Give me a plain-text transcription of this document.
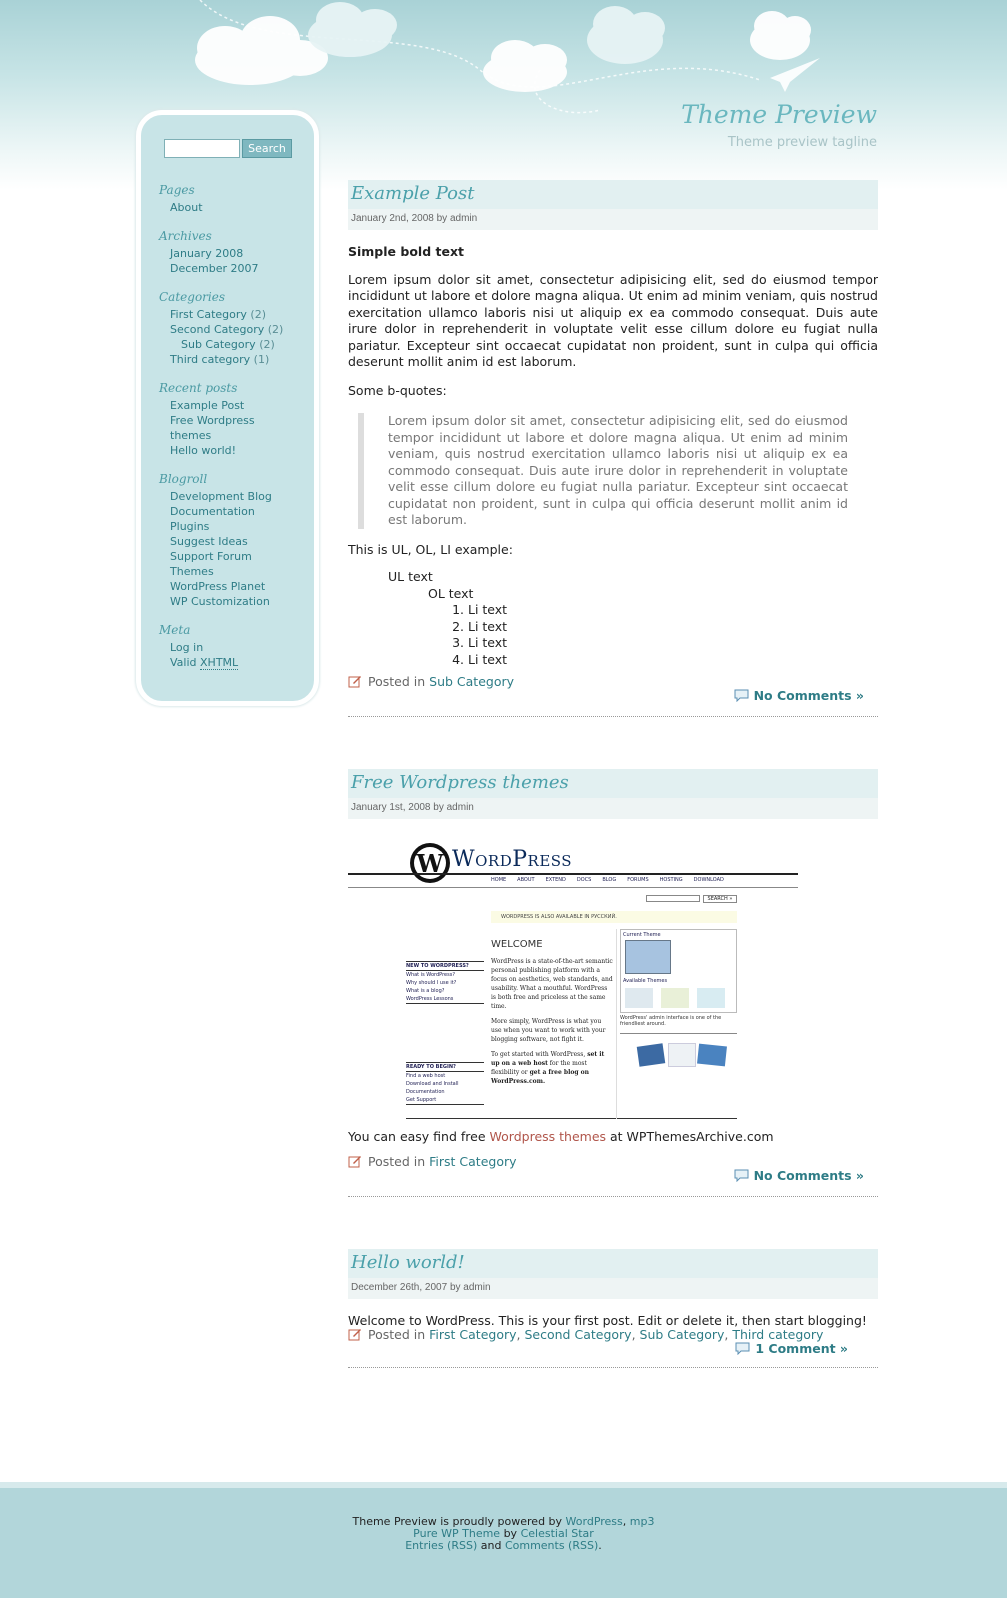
Theme Preview
Theme preview tagline
Search
Pages
About
Archives
January 2008
December 2007
Categories
First Category (2)
Second Category (2)
Sub Category (2)
Third category (1)
Recent posts
Example Post
Free Wordpress themes
Hello world!
Blogroll
Development Blog
Documentation
Plugins
Suggest Ideas
Support Forum
Themes
WordPress Planet
WP Customization
Meta
Log in
Valid XHTML
Example Post
January 2nd, 2008 by admin

Simple bold text

Lorem ipsum dolor sit amet, consectetur adipisicing elit, sed do eiusmod tempor incididunt ut labore et dolore magna aliqua. Ut enim ad minim veniam, quis nostrud exercitation ullamco laboris nisi ut aliquip ex ea commodo consequat. Duis aute irure dolor in reprehenderit in voluptate velit esse cillum dolore eu fugiat nulla pariatur. Excepteur sint occaecat cupidatat non proident, sunt in culpa qui officia deserunt mollit anim id est laborum.

Some b-quotes:

Lorem ipsum dolor sit amet, consectetur adipisicing elit, sed do eiusmod tempor incididunt ut labore et dolore magna aliqua. Ut enim ad minim veniam, quis nostrud exercitation ullamco laboris nisi ut aliquip ex ea commodo consequat. Duis aute irure dolor in reprehenderit in voluptate velit esse cillum dolore eu fugiat nulla pariatur. Excepteur sint occaecat cupidatat non proident, sunt in culpa qui officia deserunt mollit anim id est laborum.

This is UL, OL, LI example:

UL text
OL text
1. Li text
2. Li text
3. Li text
4. Li text
Posted in Sub Category
No Comments »
Free Wordpress themes
January 1st, 2008 by admin
W WordPress
HOME ABOUT EXTEND DOCS BLOG FORUMS HOSTING DOWNLOAD
SEARCH »
WORDPRESS IS ALSO AVAILABLE IN РУССКИЙ.
WELCOME
NEW TO WORDPRESS?
What is WordPress?
Why should I use it?
What is a blog?
WordPress Lessons
READY TO BEGIN?
Find a web host
Download and Install
Documentation
Get Support
WordPress is a state-of-the-art semantic personal publishing platform with a focus on aesthetics, web standards, and usability. What a mouthful. WordPress is both free and priceless at the same time.
More simply, WordPress is what you use when you want to work with your blogging software, not fight it.
To get started with WordPress, set it up on a web host for the most flexibility or get a free blog on WordPress.com.
Current Theme
Available Themes
WordPress' admin interface is one of the friendliest around.
You can easy find free Wordpress themes at WPThemesArchive.com
Posted in First Category
No Comments »
Hello world!
December 26th, 2007 by admin

Welcome to WordPress. This is your first post. Edit or delete it, then start blogging!

Posted in First Category, Second Category, Sub Category, Third category
1 Comment »
Theme Preview is proudly powered by WordPress, mp3
Pure WP Theme by Celestial Star
Entries (RSS) and Comments (RSS).
